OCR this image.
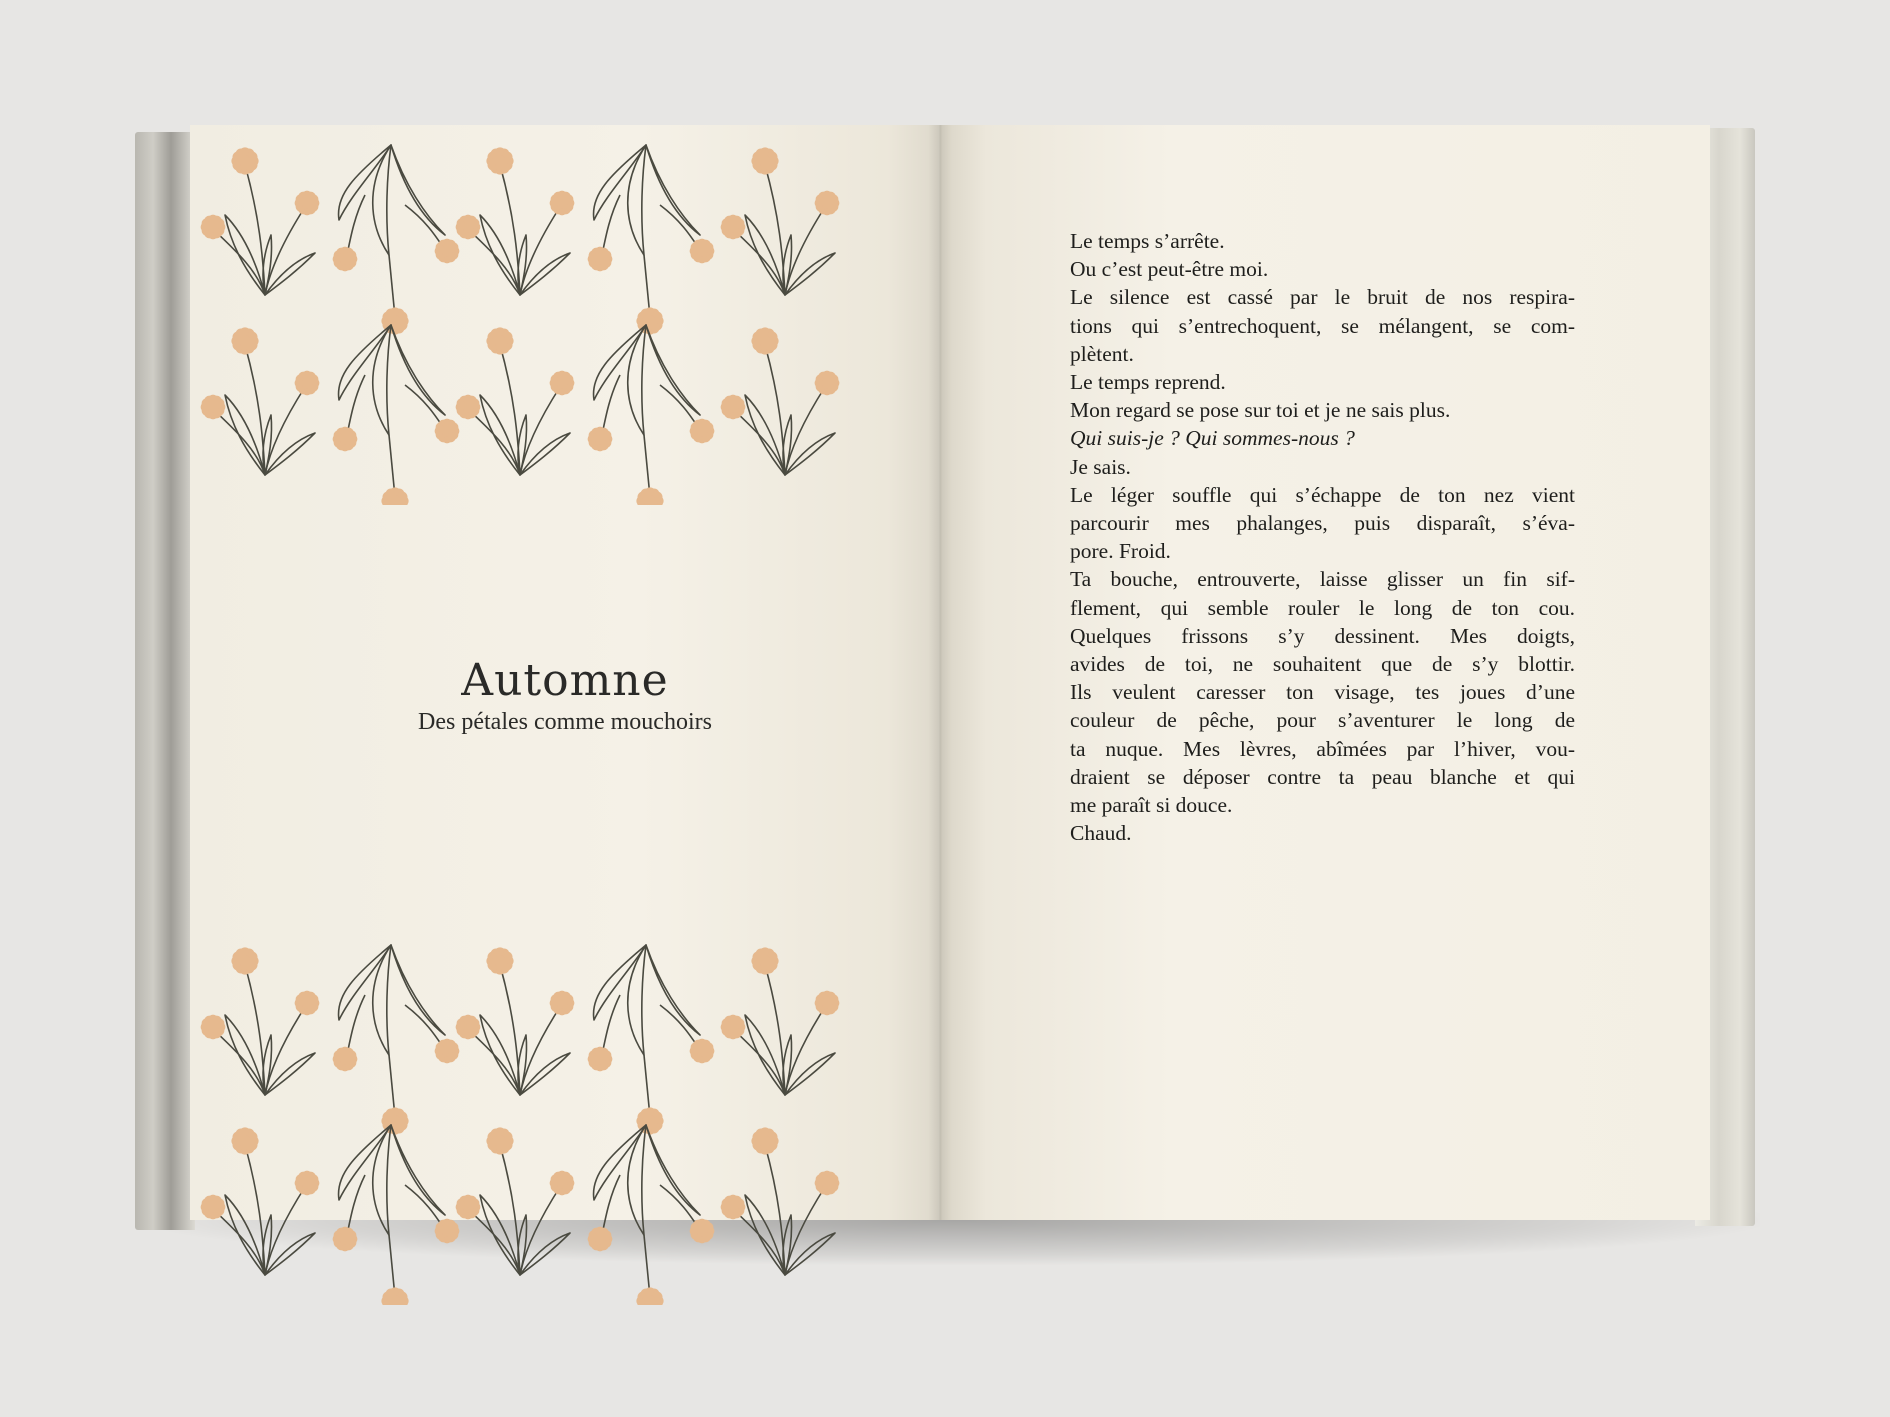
Automne
Des pétales comme mouchoirs
Le temps s’arrête.
Ou c’est peut-être moi.
Le silence est cassé par le bruit de nos respira-
tions qui s’entrechoquent, se mélangent, se com-
plètent.
Le temps reprend.
Mon regard se pose sur toi et je ne sais plus.
Qui suis-je ? Qui sommes-nous ?
Je sais.
Le léger souffle qui s’échappe de ton nez vient
parcourir mes phalanges, puis disparaît, s’éva-
pore. Froid.
Ta bouche, entrouverte, laisse glisser un fin sif-
flement, qui semble rouler le long de ton cou.
Quelques frissons s’y dessinent. Mes doigts,
avides de toi, ne souhaitent que de s’y blottir.
Ils veulent caresser ton visage, tes joues d’une
couleur de pêche, pour s’aventurer le long de
ta nuque. Mes lèvres, abîmées par l’hiver, vou-
draient se déposer contre ta peau blanche et qui
me paraît si douce.
Chaud.
